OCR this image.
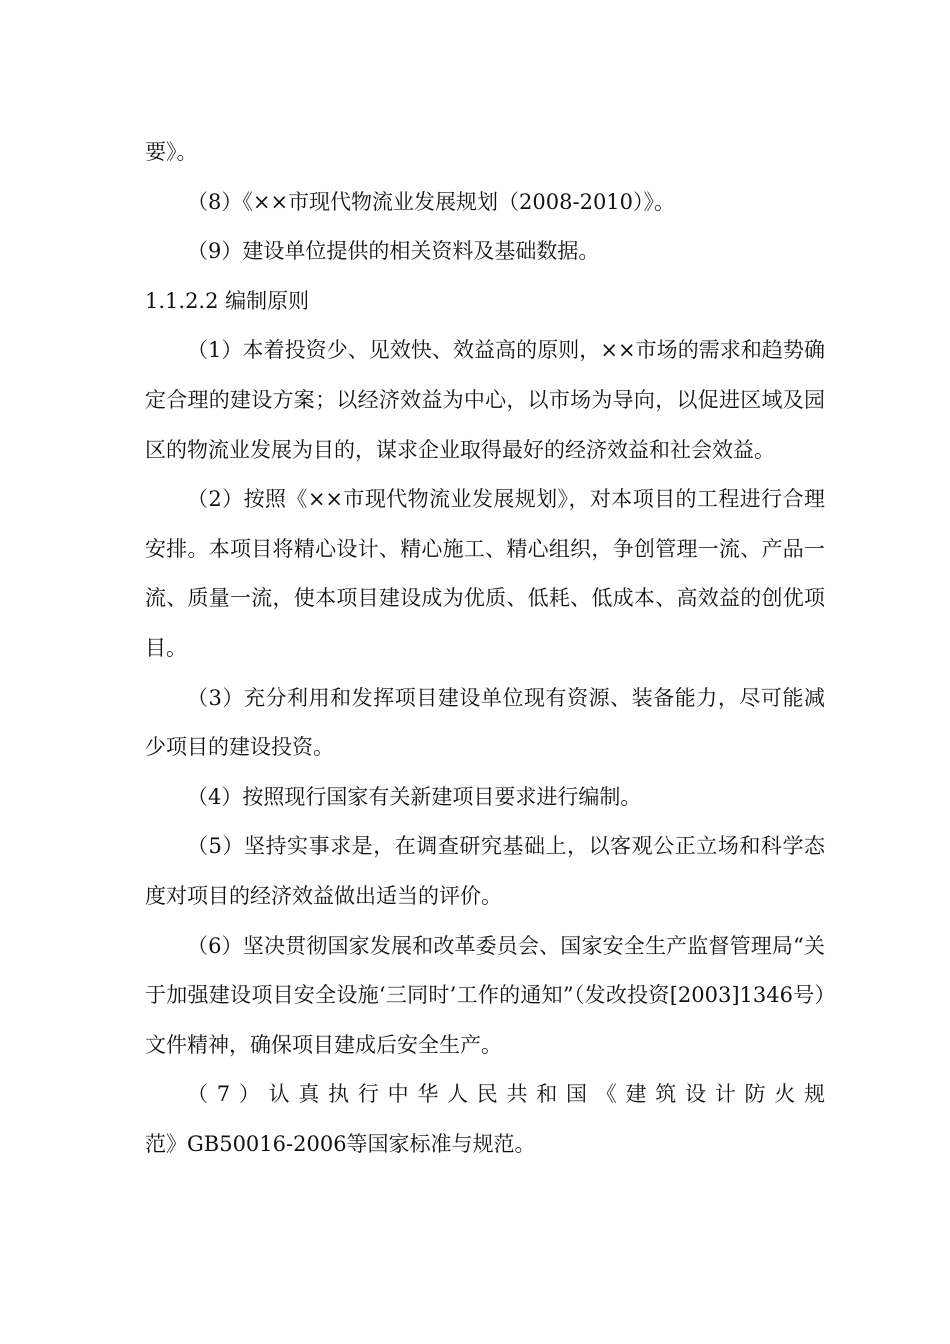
要》。

（8）《××市现代物流业发展规划（2008-2010）》。

（9）建设单位提供的相关资料及基础数据。

1.1.2.2 编制原则

（1）本着投资少、见效快、效益高的原则，××市场的需求和趋势确定合理的建设方案；以经济效益为中心，以市场为导向，以促进区域及园区的物流业发展为目的，谋求企业取得最好的经济效益和社会效益。

（2）按照《××市现代物流业发展规划》，对本项目的工程进行合理安排。本项目将精心设计、精心施工、精心组织，争创管理一流、产品一流、质量一流，使本项目建设成为优质、低耗、低成本、高效益的创优项目。

（3）充分利用和发挥项目建设单位现有资源、装备能力，尽可能减少项目的建设投资。

（4）按照现行国家有关新建项目要求进行编制。

（5）坚持实事求是，在调查研究基础上，以客观公正立场和科学态度对项目的经济效益做出适当的评价。

（6）坚决贯彻国家发展和改革委员会、国家安全生产监督管理局“关于加强建设项目安全设施‘三同时’工作的通知”（发改投资[2003]1346号）文件精神，确保项目建成后安全生产。

（7）认真执行中华人民共和国《建筑设计防火规

范》GB50016-2006等国家标准与规范。
